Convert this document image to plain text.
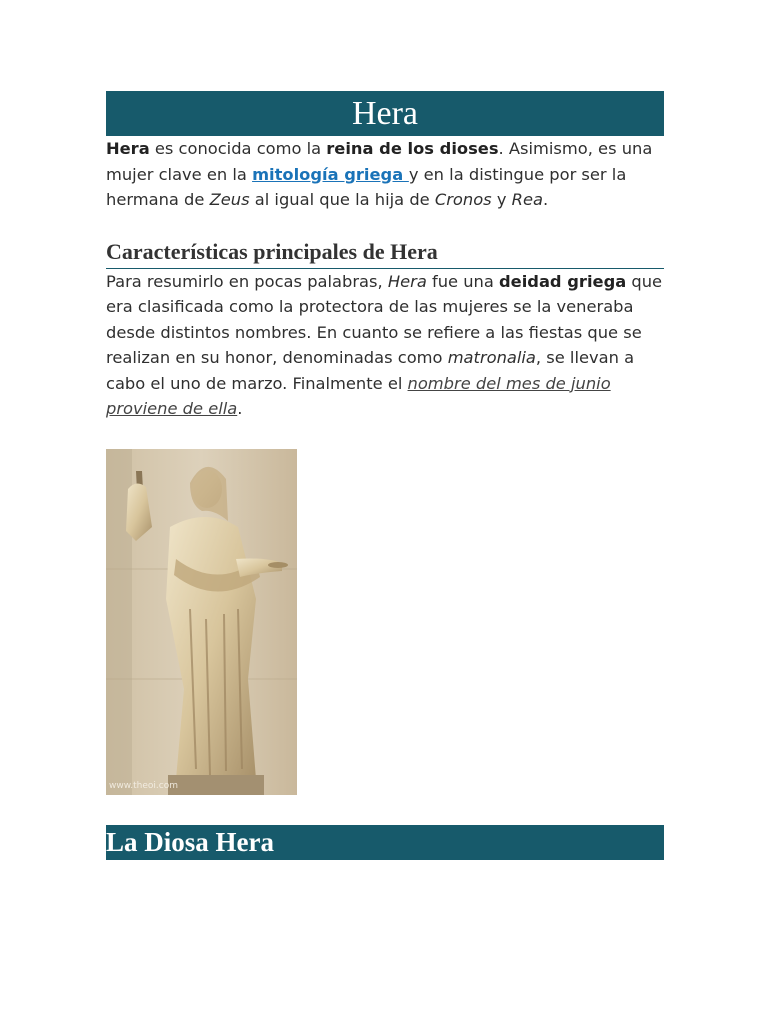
Hera

Hera es conocida como la reina de los dioses. Asimismo, es una mujer clave en la mitología griega y en la distingue por ser la hermana de Zeus al igual que la hija de Cronos y Rea.

Características principales de Hera

Para resumirlo en pocas palabras, Hera fue una deidad griega que era clasificada como la protectora de las mujeres se la veneraba desde distintos nombres. En cuanto se refiere a las fiestas que se realizan en su honor, denominadas como matronalia, se llevan a cabo el uno de marzo. Finalmente el nombre del mes de junio proviene de ella.

www.theoi.com
La Diosa Hera
